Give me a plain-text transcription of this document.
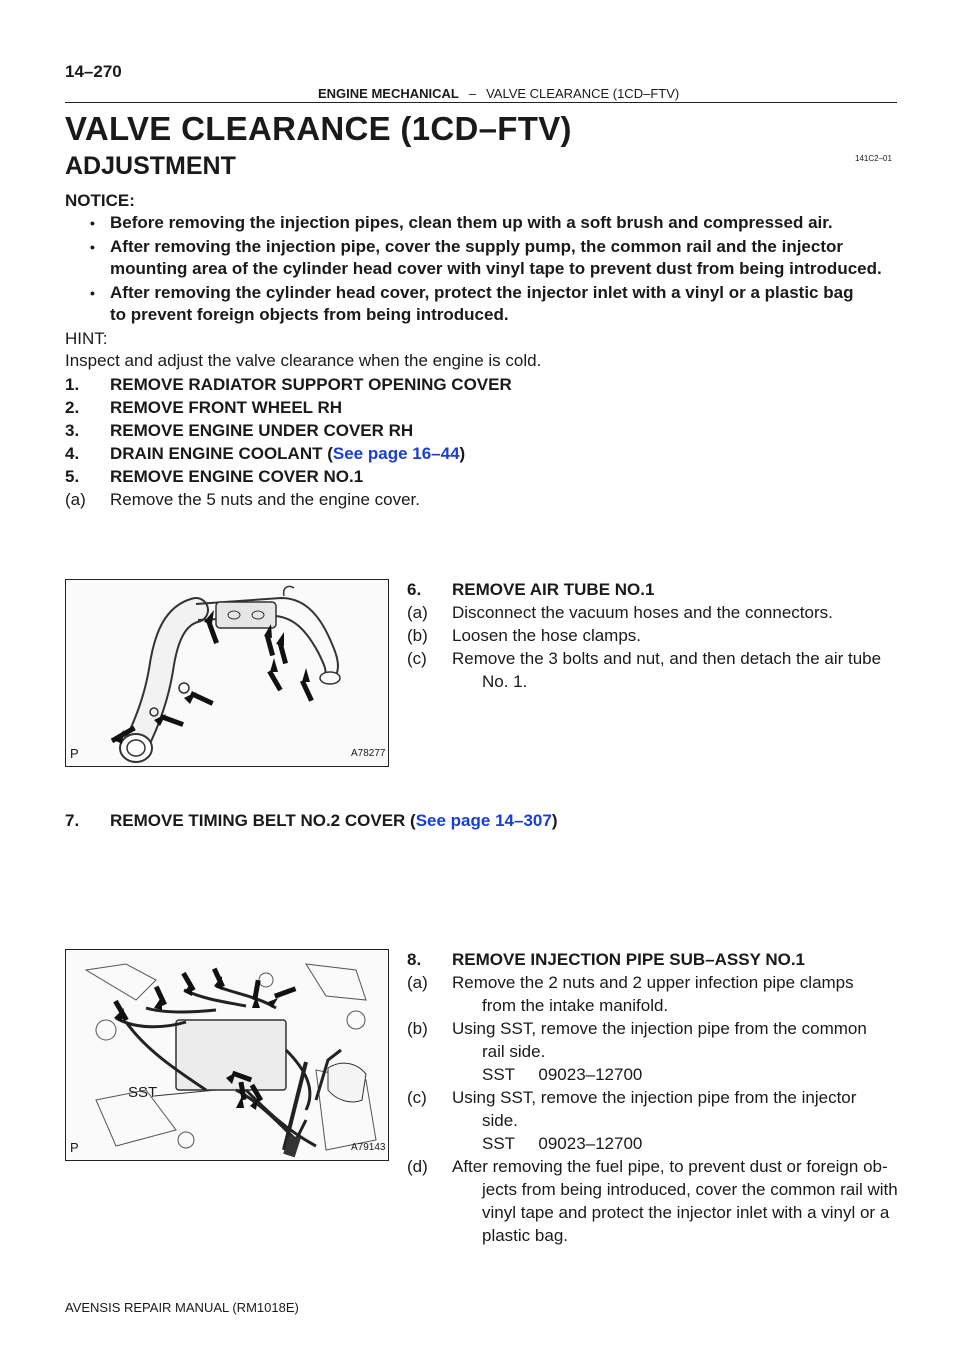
14–270
ENGINE MECHANICAL – VALVE CLEARANCE (1CD–FTV)
VALVE CLEARANCE (1CD–FTV)
141C2–01
ADJUSTMENT
NOTICE:
• Before removing the injection pipes, clean them up with a soft brush and compressed air.
• After removing the injection pipe, cover the supply pump, the common rail and the injector
mounting area of the cylinder head cover with vinyl tape to prevent dust from being introduced.
• After removing the cylinder head cover, protect the injector inlet with a vinyl or a plastic bag
to prevent foreign objects from being introduced.
HINT:
Inspect and adjust the valve clearance when the engine is cold.
1. REMOVE RADIATOR SUPPORT OPENING COVER
2. REMOVE FRONT WHEEL RH
3. REMOVE ENGINE UNDER COVER RH
4. DRAIN ENGINE COOLANT (See page 16–44)
5. REMOVE ENGINE COVER NO.1
(a) Remove the 5 nuts and the engine cover.
P	A78277
6. REMOVE AIR TUBE NO.1
(a) Disconnect the vacuum hoses and the connectors.
(b) Loosen the hose clamps.
(c) Remove the 3 bolts and nut, and then detach the air tube
No. 1.
7. REMOVE TIMING BELT NO.2 COVER (See page 14–307)
SST
P	A79143
8. REMOVE INJECTION PIPE SUB–ASSY NO.1
(a) Remove the 2 nuts and 2 upper infection pipe clamps
from the intake manifold.
(b) Using SST, remove the injection pipe from the common
rail side.
SST     09023–12700
(c) Using SST, remove the injection pipe from the injector
side.
SST     09023–12700
(d) After removing the fuel pipe, to prevent dust or foreign ob-
jects from being introduced, cover the common rail with
vinyl tape and protect the injector inlet with a vinyl or a
plastic bag.
AVENSIS REPAIR MANUAL (RM1018E)
